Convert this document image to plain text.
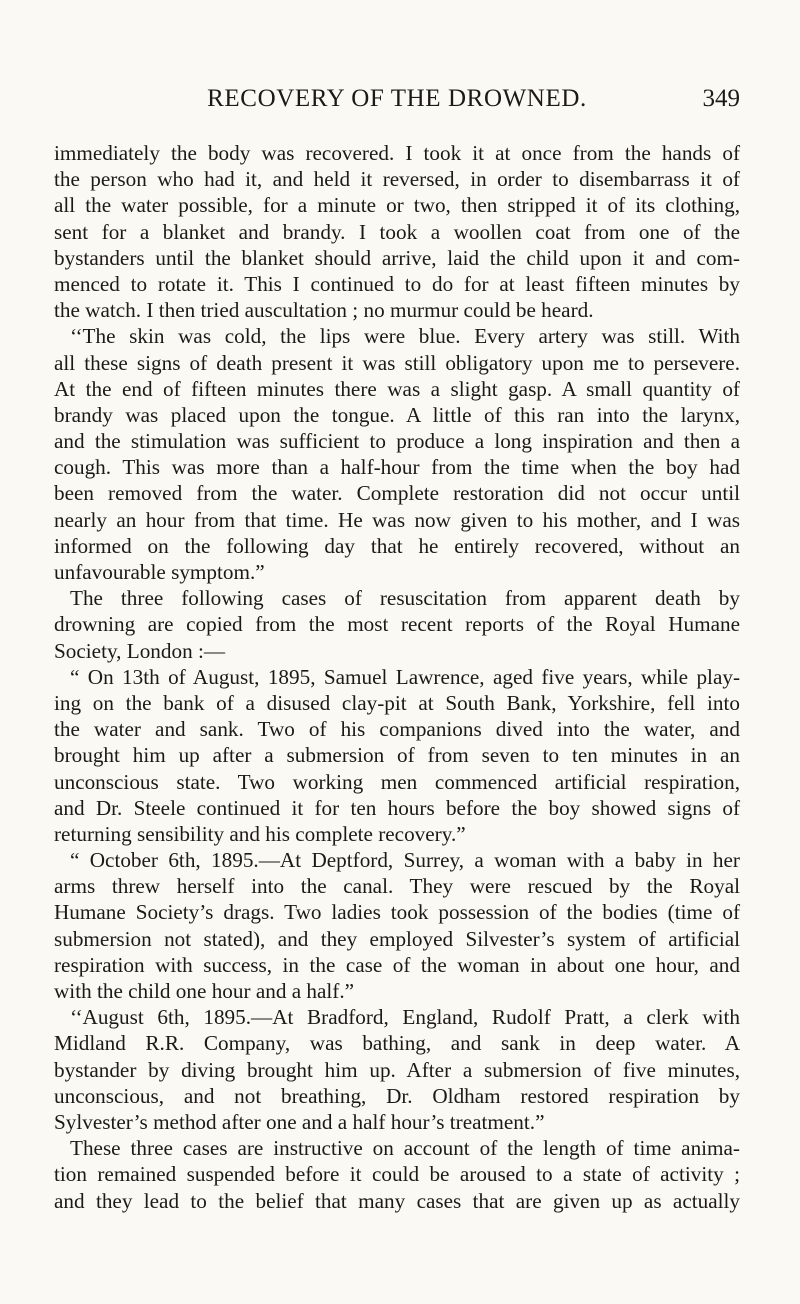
RECOVERY OF THE DROWNED.	349
immediately the body was recovered. I took it at once from the hands of
the person who had it, and held it reversed, in order to disembarrass it of
all the water possible, for a minute or two, then stripped it of its clothing,
sent for a blanket and brandy. I took a woollen coat from one of the
bystanders until the blanket should arrive, laid the child upon it and com-
menced to rotate it. This I continued to do for at least fifteen minutes by
the watch. I then tried auscultation ; no murmur could be heard.
‘‘The skin was cold, the lips were blue. Every artery was still. With
all these signs of death present it was still obligatory upon me to persevere.
At the end of fifteen minutes there was a slight gasp. A small quantity of
brandy was placed upon the tongue. A little of this ran into the larynx,
and the stimulation was sufficient to produce a long inspiration and then a
cough. This was more than a half-hour from the time when the boy had
been removed from the water. Complete restoration did not occur until
nearly an hour from that time. He was now given to his mother, and I was
informed on the following day that he entirely recovered, without an
unfavourable symptom.”
The three following cases of resuscitation from apparent death by
drowning are copied from the most recent reports of the Royal Humane
Society, London :—
“ On 13th of August, 1895, Samuel Lawrence, aged five years, while play-
ing on the bank of a disused clay-pit at South Bank, Yorkshire, fell into
the water and sank. Two of his companions dived into the water, and
brought him up after a submersion of from seven to ten minutes in an
unconscious state. Two working men commenced artificial respiration,
and Dr. Steele continued it for ten hours before the boy showed signs of
returning sensibility and his complete recovery.”
“ October 6th, 1895.—At Deptford, Surrey, a woman with a baby in her
arms threw herself into the canal. They were rescued by the Royal
Humane Society’s drags. Two ladies took possession of the bodies (time of
submersion not stated), and they employed Silvester’s system of artificial
respiration with success, in the case of the woman in about one hour, and
with the child one hour and a half.”
‘‘August 6th, 1895.—At Bradford, England, Rudolf Pratt, a clerk with
Midland R.R. Company, was bathing, and sank in deep water. A
bystander by diving brought him up. After a submersion of five minutes,
unconscious, and not breathing, Dr. Oldham restored respiration by
Sylvester’s method after one and a half hour’s treatment.”
These three cases are instructive on account of the length of time anima-
tion remained suspended before it could be aroused to a state of activity ;
and they lead to the belief that many cases that are given up as actually
